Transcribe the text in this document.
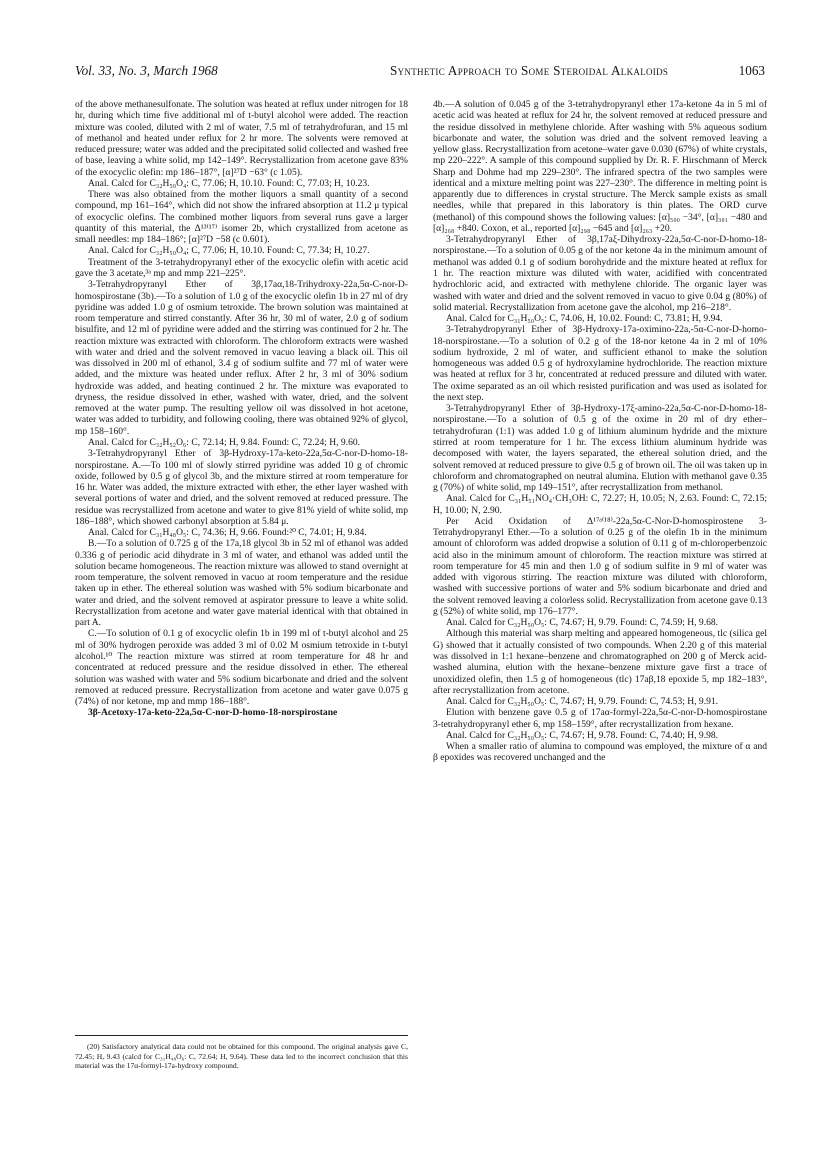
Vol. 33, No. 3, March 1968	Synthetic Approach to Some Steroidal Alkaloids	1063

of the above methanesulfonate. The solution was heated at reflux under nitrogen for 18 hr, during which time five additional ml of t-butyl alcohol were added. The reaction mixture was cooled, diluted with 2 ml of water, 7.5 ml of tetrahydrofuran, and 15 ml of methanol and heated under reflux for 2 hr more. The solvents were removed at reduced pressure; water was added and the precipitated solid collected and washed free of base, leaving a white solid, mp 142–149°. Recrystallization from acetone gave 83% of the exocyclic olefin: mp 186–187°, [α]²⁷D −63° (c 1.05).

Anal. Calcd for C₃₂H₅₀O₄: C, 77.06; H, 10.10. Found: C, 77.03; H, 10.23.

There was also obtained from the mother liquors a small quantity of a second compound, mp 161–164°, which did not show the infrared absorption at 11.2 μ typical of exocyclic olefins. The combined mother liquors from several runs gave a larger quantity of this material, the Δ¹³⁽¹⁷⁾ isomer 2b, which crystallized from acetone as small needles: mp 184–186°; [α]²⁷D −58 (c 0.601).

Anal. Calcd for C₃₂H₅₀O₄; C, 77.06; H, 10.10. Found: C, 77.34; H, 10.27.

Treatment of the 3-tetrahydropyranyl ether of the exocyclic olefin with acetic acid gave the 3 acetate,³ᵃ mp and mmp 221–225°.

3-Tetrahydropyranyl Ether of 3β,17aα,18-Trihydroxy-22a,5α-C-nor-D-homospirostane (3b).—To a solution of 1.0 g of the exocyclic olefin 1b in 27 ml of dry pyridine was added 1.0 g of osmium tetroxide. The brown solution was maintained at room temperature and stirred constantly. After 36 hr, 30 ml of water, 2.0 g of sodium bisulfite, and 12 ml of pyridine were added and the stirring was continued for 2 hr. The reaction mixture was extracted with chloroform. The chloroform extracts were washed with water and dried and the solvent removed in vacuo leaving a black oil. This oil was dissolved in 200 ml of ethanol, 3.4 g of sodium sulfite and 77 ml of water were added, and the mixture was heated under reflux. After 2 hr, 3 ml of 30% sodium hydroxide was added, and heating continued 2 hr. The mixture was evaporated to dryness, the residue dissolved in ether, washed with water, dried, and the solvent removed at the water pump. The resulting yellow oil was dissolved in hot acetone, water was added to turbidity, and following cooling, there was obtained 92% of glycol, mp 158–160°.

Anal. Calcd for C₃₂H₅₂O₆: C, 72.14; H, 9.84. Found: C, 72.24; H, 9.60.

3-Tetrahydropyranyl Ether of 3β-Hydroxy-17a-keto-22a,5α-C-nor-D-homo-18-norspirostane. A.—To 100 ml of slowly stirred pyridine was added 10 g of chromic oxide, followed by 0.5 g of glycol 3b, and the mixture stirred at room temperature for 16 hr. Water was added, the mixture extracted with ether, the ether layer washed with several portions of water and dried, and the solvent removed at reduced pressure. The residue was recrystallized from acetone and water to give 81% yield of white solid, mp 186–188°, which showed carbonyl absorption at 5.84 μ.

Anal. Calcd for C₃₁H₄₈O₅: C, 74.36; H, 9.66. Found:²⁰ C, 74.01; H, 9.84.

B.—To a solution of 0.725 g of the 17a,18 glycol 3b in 52 ml of ethanol was added 0.336 g of periodic acid dihydrate in 3 ml of water, and ethanol was added until the solution became homogeneous. The reaction mixture was allowed to stand overnight at room temperature, the solvent removed in vacuo at room temperature and the residue taken up in ether. The ethereal solution was washed with 5% sodium bicarbonate and water and dried, and the solvent removed at aspirator pressure to leave a white solid. Recrystallization from acetone and water gave material identical with that obtained in part A.

C.—To solution of 0.1 g of exocyclic olefin 1b in 199 ml of t-butyl alcohol and 25 ml of 30% hydrogen peroxide was added 3 ml of 0.02 M osmium tetroxide in t-butyl alcohol.¹⁰ The reaction mixture was stirred at room temperature for 48 hr and concentrated at reduced pressure and the residue dissolved in ether. The ethereal solution was washed with water and 5% sodium bicarbonate and dried and the solvent removed at reduced pressure. Recrystallization from acetone and water gave 0.075 g (74%) of nor ketone, mp and mmp 186–188°.

3β-Acetoxy-17a-keto-22a,5α-C-nor-D-homo-18-norspirostane

(20) Satisfactory analytical data could not be obtained for this compound. The original analysis gave C, 72.45; H, 9.43 (calcd for C₃₁H₄₈O₆: C, 72.64; H, 9.64). These data led to the incorrect conclusion that this material was the 17α-formyl-17a-hydroxy compound.

4b.—A solution of 0.045 g of the 3-tetrahydropyranyl ether 17a-ketone 4a in 5 ml of acetic acid was heated at reflux for 24 hr, the solvent removed at reduced pressure and the residue dissolved in methylene chloride. After washing with 5% aqueous sodium bicarbonate and water, the solution was dried and the solvent removed leaving a yellow glass. Recrystallization from acetone–water gave 0.030 (67%) of white crystals, mp 220–222°. A sample of this compound supplied by Dr. R. F. Hirschmann of Merck Sharp and Dohme had mp 229–230°. The infrared spectra of the two samples were identical and a mixture melting point was 227–230°. The difference in melting point is apparently due to differences in crystal structure. The Merck sample exists as small needles, while that prepared in this laboratory is thin plates. The ORD curve (methanol) of this compound shows the following values: [α]₅₀₀ −34°, [α]₃₀₁ −480 and [α]₂₆₈ +840. Coxon, et al., reported [α]₂₉₈ −645 and [α]₂₆₃ +20.

3-Tetrahydropyranyl Ether of 3β,17aξ-Dihydroxy-22a,5α-C-nor-D-homo-18-norspirostane.—To a solution of 0.05 g of the nor ketone 4a in the minimum amount of methanol was added 0.1 g of sodium borohydride and the mixture heated at reflux for 1 hr. The reaction mixture was diluted with water, acidified with concentrated hydrochloric acid, and extracted with methylene chloride. The organic layer was washed with water and dried and the solvent removed in vacuo to give 0.04 g (80%) of solid material. Recrystallization from acetone gave the alcohol, mp 216–218°.

Anal. Calcd for C₃₁H₅₀O₅: C, 74.06, H, 10.02. Found: C, 73.81; H, 9.94.

3-Tetrahydropyranyl Ether of 3β-Hydroxy-17a-oximino-22a,-5α-C-nor-D-homo-18-norspirostane.—To a solution of 0.2 g of the 18-nor ketone 4a in 2 ml of 10% sodium hydroxide, 2 ml of water, and sufficient ethanol to make the solution homogeneous was added 0.5 g of hydroxylamine hydrochloride. The reaction mixture was heated at reflux for 3 hr, concentrated at reduced pressure and diluted with water. The oxime separated as an oil which resisted purification and was used as isolated for the next step.

3-Tetrahydropyranyl Ether of 3β-Hydroxy-17ξ-amino-22a,5α-C-nor-D-homo-18-norspirostane.—To a solution of 0.5 g of the oxime in 20 ml of dry ether–tetrahydrofuran (1:1) was added 1.0 g of lithium aluminum hydride and the mixture stirred at room temperature for 1 hr. The excess lithium aluminum hydride was decomposed with water, the layers separated, the ethereal solution dried, and the solvent removed at reduced pressure to give 0.5 g of brown oil. The oil was taken up in chloroform and chromatographed on neutral alumina. Elution with methanol gave 0.35 g (70%) of white solid, mp 149–151°, after recrystallization from methanol.

Anal. Calcd for C₃₁H₅₁NO₄·CH₃OH: C, 72.27; H, 10.05; N, 2.63. Found: C, 72.15; H, 10.00; N, 2.90.

Per Acid Oxidation of Δ¹⁷ᵃ⁽¹⁸⁾-22a,5α-C-Nor-D-homospirostene 3-Tetrahydropyranyl Ether.—To a solution of 0.25 g of the olefin 1b in the minimum amount of chloroform was added dropwise a solution of 0.11 g of m-chloroperbenzoic acid also in the minimum amount of chloroform. The reaction mixture was stirred at room temperature for 45 min and then 1.0 g of sodium sulfite in 9 ml of water was added with vigorous stirring. The reaction mixture was diluted with chloroform, washed with successive portions of water and 5% sodium bicarbonate and dried and the solvent removed leaving a colorless solid. Recrystallization from acetone gave 0.13 g (52%) of white solid, mp 176–177°.

Anal. Calcd for C₃₂H₅₀O₅: C, 74.67; H, 9.79. Found: C, 74.59; H, 9.68.

Although this material was sharp melting and appeared homogeneous, tlc (silica gel G) showed that it actually consisted of two compounds. When 2.20 g of this material was dissolved in 1:1 hexane–benzene and chromatographed on 200 g of Merck acid-washed alumina, elution with the hexane–benzene mixture gave first a trace of unoxidized olefin, then 1.5 g of homogeneous (tlc) 17aβ,18 epoxide 5, mp 182–183°, after recrystallization from acetone.

Anal. Calcd for C₃₂H₅₀O₅: C, 74.67; H, 9.79. Found: C, 74.53; H, 9.91.

Elution with benzene gave 0.5 g of 17aα-formyl-22a,5α-C-nor-D-homospirostane 3-tetrahydropyranyl ether 6, mp 158–159°, after recrystallization from hexane.

Anal. Calcd for C₃₂H₅₀O₅: C, 74.67; H, 9.78. Found: C, 74.40; H, 9.98.

When a smaller ratio of alumina to compound was employed, the mixture of α and β epoxides was recovered unchanged and the
